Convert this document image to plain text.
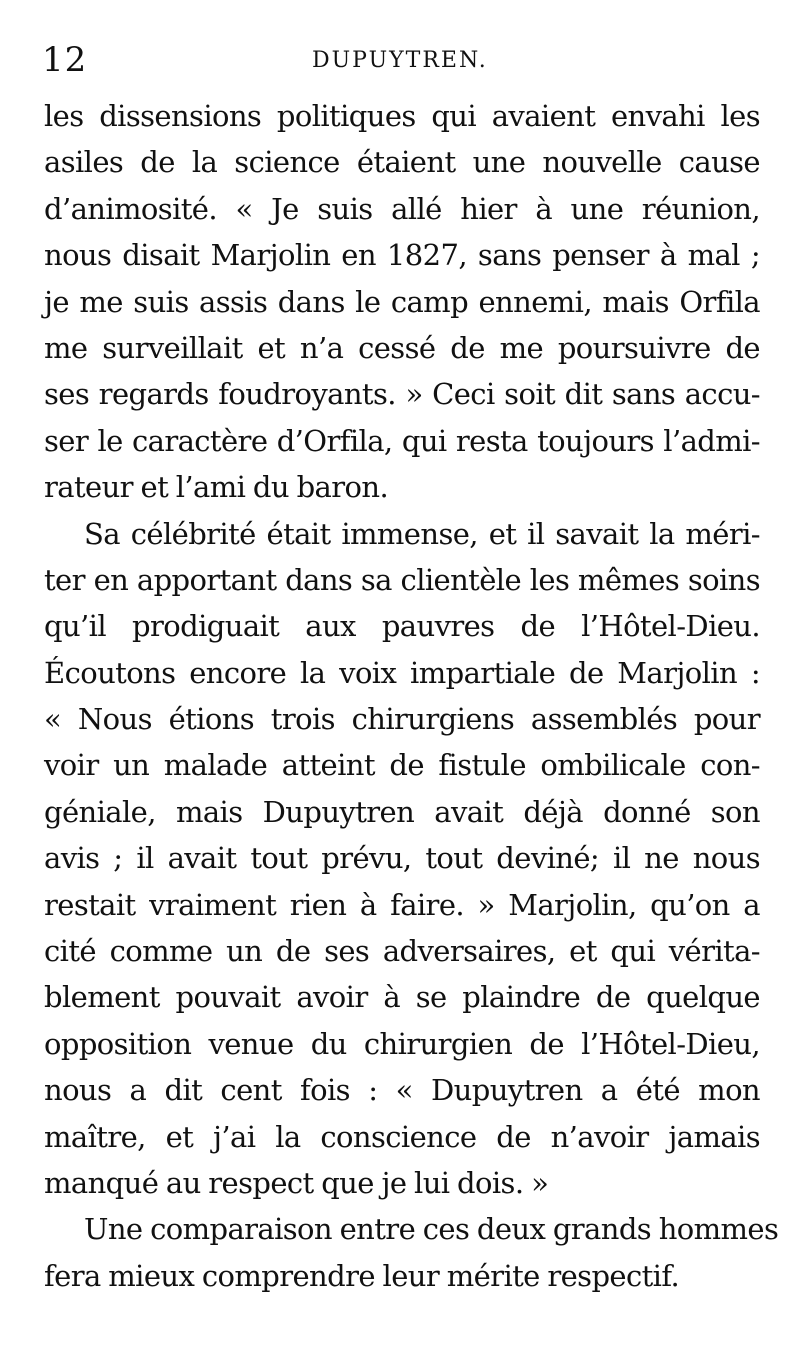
12	DUPUYTREN.
les dissensions politiques qui avaient envahi les
asiles de la science étaient une nouvelle cause
d’animosité. « Je suis allé hier à une réunion,
nous disait Marjolin en 1827, sans penser à mal ;
je me suis assis dans le camp ennemi, mais Orfila
me surveillait et n’a cessé de me poursuivre de
ses regards foudroyants. » Ceci soit dit sans accu-
ser le caractère d’Orfila, qui resta toujours l’admi-
rateur et l’ami du baron.
Sa célébrité était immense, et il savait la méri-
ter en apportant dans sa clientèle les mêmes soins
qu’il prodiguait aux pauvres de l’Hôtel-Dieu.
Écoutons encore la voix impartiale de Marjolin :
« Nous étions trois chirurgiens assemblés pour
voir un malade atteint de fistule ombilicale con-
géniale, mais Dupuytren avait déjà donné son
avis ; il avait tout prévu, tout deviné; il ne nous
restait vraiment rien à faire. » Marjolin, qu’on a
cité comme un de ses adversaires, et qui vérita-
blement pouvait avoir à se plaindre de quelque
opposition venue du chirurgien de l’Hôtel-Dieu,
nous a dit cent fois : « Dupuytren a été mon
maître, et j’ai la conscience de n’avoir jamais
manqué au respect que je lui dois. »
Une comparaison entre ces deux grands hommes
fera mieux comprendre leur mérite respectif.
